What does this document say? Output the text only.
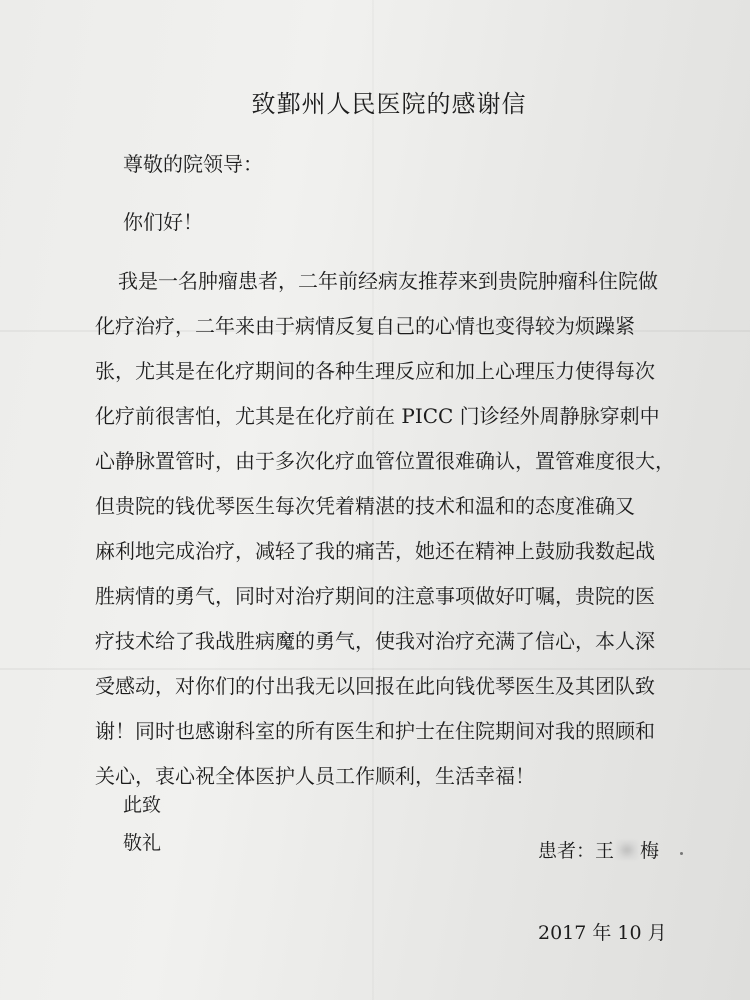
致鄞州人民医院的感谢信
尊敬的院领导：
你们好！
我是一名肿瘤患者，二年前经病友推荐来到贵院肿瘤科住院做
化疗治疗，二年来由于病情反复自己的心情也变得较为烦躁紧
张，尤其是在化疗期间的各种生理反应和加上心理压力使得每次
化疗前很害怕，尤其是在化疗前在 PICC 门诊经外周静脉穿刺中
心静脉置管时，由于多次化疗血管位置很难确认，置管难度很大，
但贵院的钱优琴医生每次凭着精湛的技术和温和的态度准确又
麻利地完成治疗，减轻了我的痛苦，她还在精神上鼓励我数起战
胜病情的勇气，同时对治疗期间的注意事项做好叮嘱，贵院的医
疗技术给了我战胜病魔的勇气，使我对治疗充满了信心，本人深
受感动，对你们的付出我无以回报在此向钱优琴医生及其团队致
谢！同时也感谢科室的所有医生和护士在住院期间对我的照顾和
关心，衷心祝全体医护人员工作顺利，生活幸福！
此致
敬礼	患者：王 梅
2017 年 10 月
